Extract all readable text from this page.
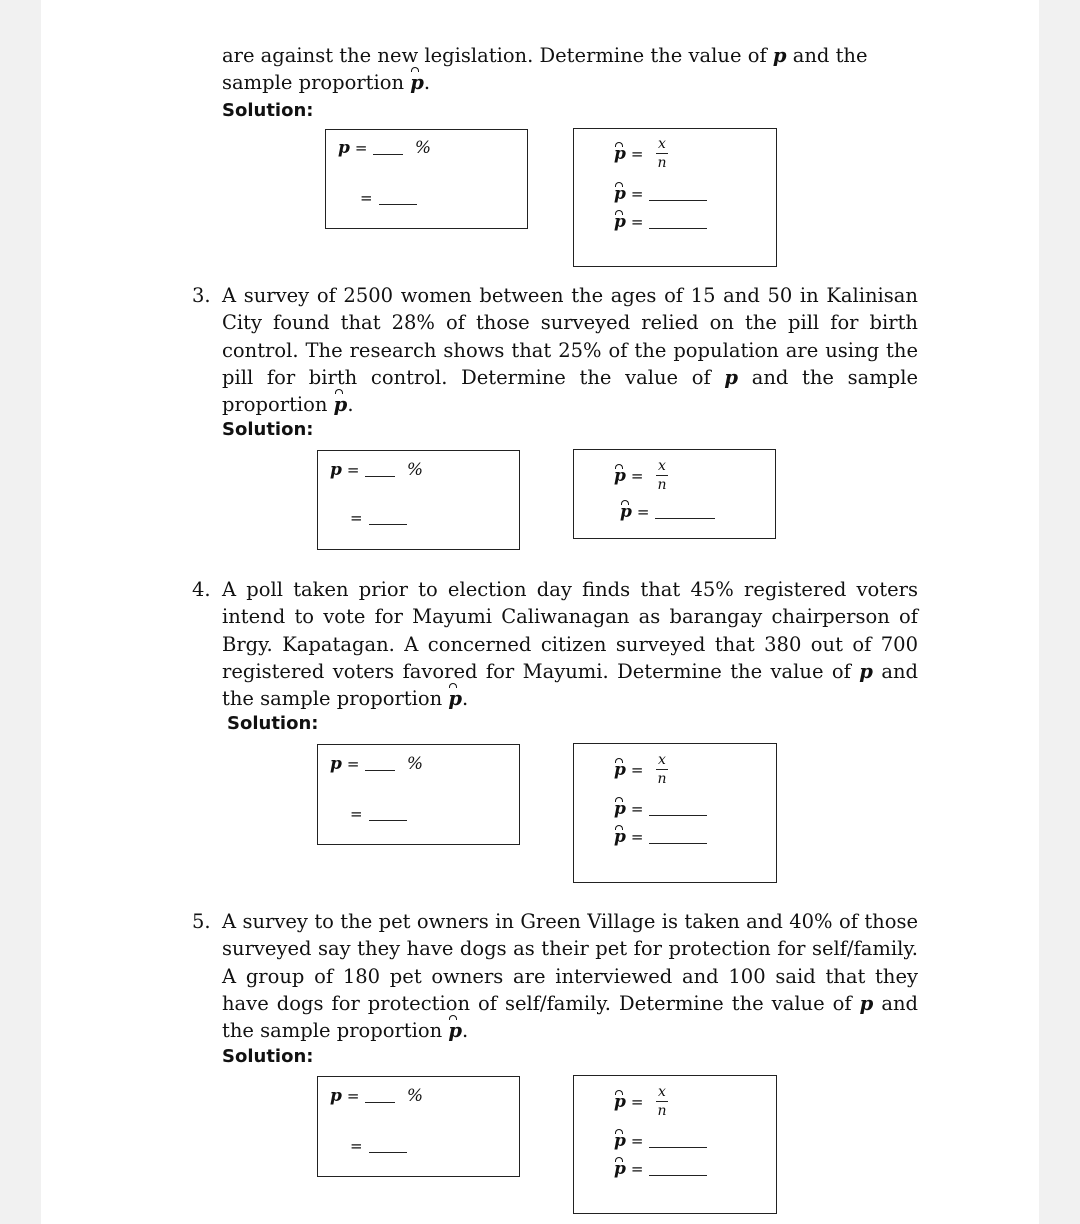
are against the new legislation. Determine the value of p and the
sample proportion p.

Solution:
p =	%
=
p =
x
n
p =
p =

3. A survey of 2500 women between the ages of 15 and 50 in Kalinisan City found that 28% of those surveyed relied on the pill for birth control. The research shows that 25% of the population are using the pill for birth control. Determine the value of p and the sample proportion p.

Solution:
p =	%
=
p =
x
n
p =

4. A poll taken prior to election day finds that 45% registered voters intend to vote for Mayumi Caliwanagan as barangay chairperson of Brgy. Kapatagan. A concerned citizen surveyed that 380 out of 700 registered voters favored for Mayumi. Determine the value of p and the sample proportion p.

Solution:
p =	%
=
p =
x
n
p =
p =

5. A survey to the pet owners in Green Village is taken and 40% of those surveyed say they have dogs as their pet for protection for self/family. A group of 180 pet owners are interviewed and 100 said that they have dogs for protection of self/family. Determine the value of p and the sample proportion p.

Solution:
p =	%
=
p =
x
n
p =
p =
